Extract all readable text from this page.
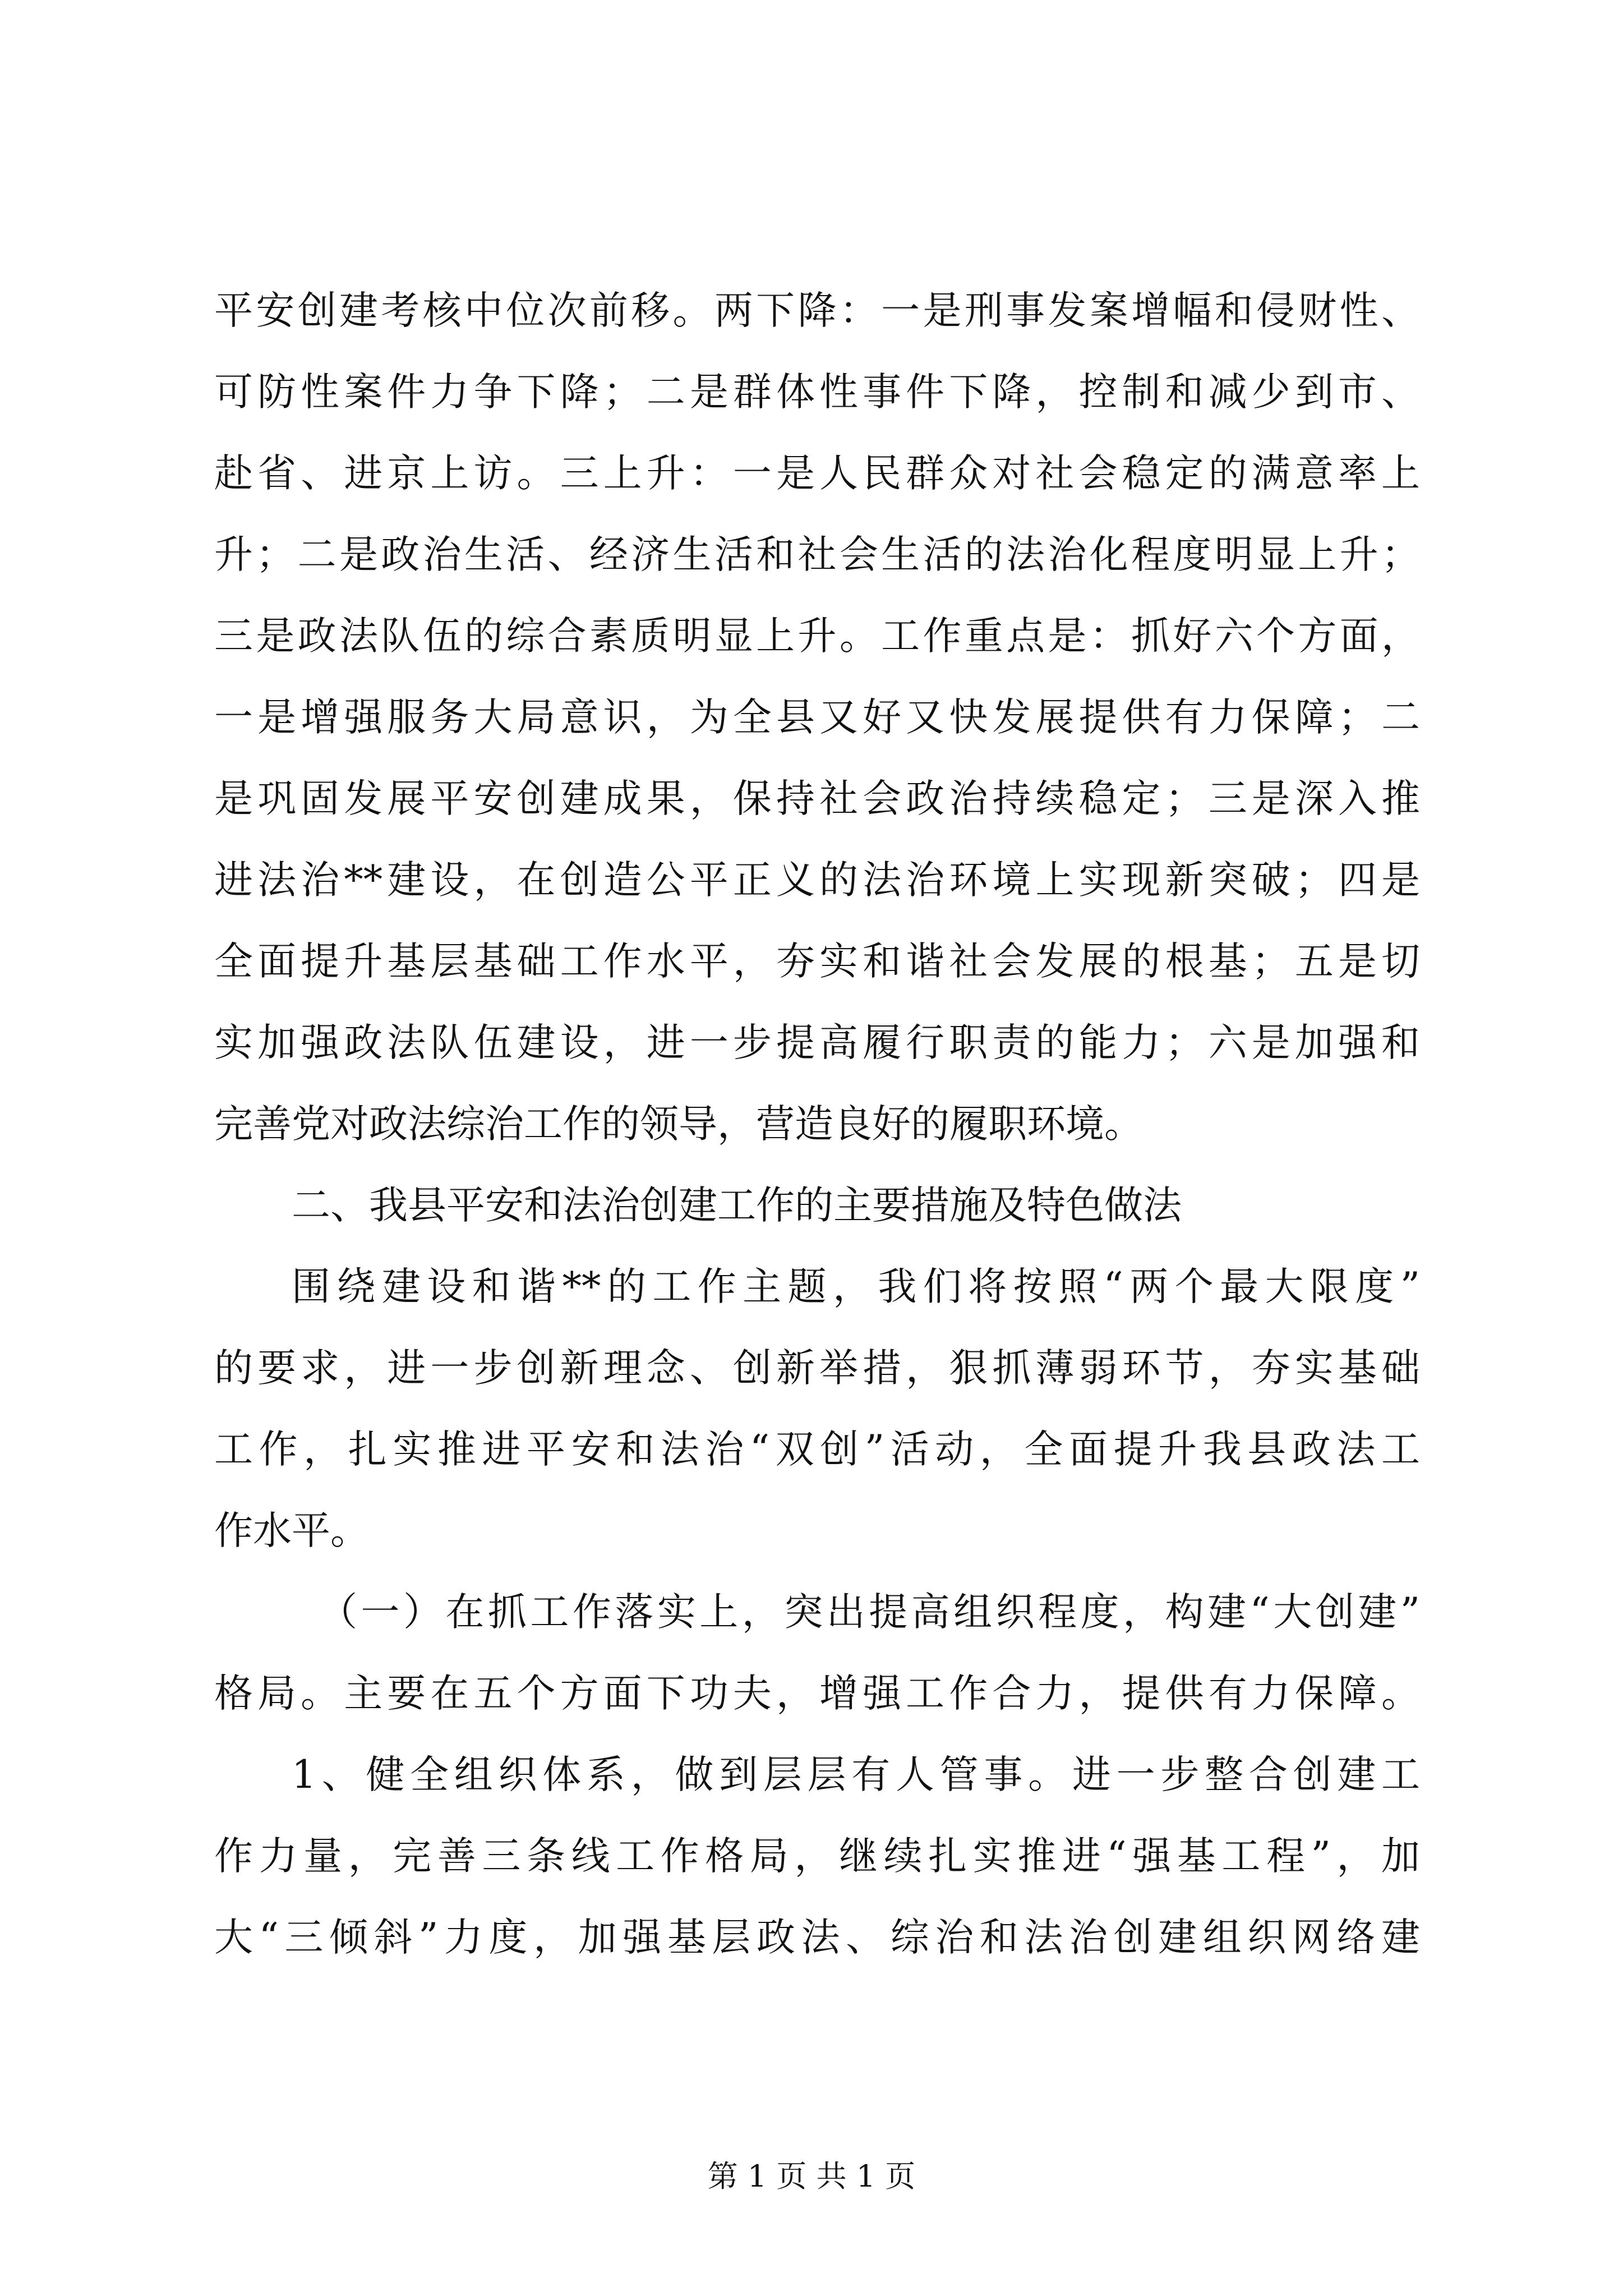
平安创建考核中位次前移。两下降：一是刑事发案增幅和侵财性、
可防性案件力争下降；二是群体性事件下降，控制和减少到市、
赴省、进京上访。三上升：一是人民群众对社会稳定的满意率上
升；二是政治生活、经济生活和社会生活的法治化程度明显上升；
三是政法队伍的综合素质明显上升。工作重点是：抓好六个方面，
一是增强服务大局意识，为全县又好又快发展提供有力保障；二
是巩固发展平安创建成果，保持社会政治持续稳定；三是深入推
进法治**建设，在创造公平正义的法治环境上实现新突破；四是
全面提升基层基础工作水平，夯实和谐社会发展的根基；五是切
实加强政法队伍建设，进一步提高履行职责的能力；六是加强和
完善党对政法综治工作的领导，营造良好的履职环境。
二、我县平安和法治创建工作的主要措施及特色做法
围绕建设和谐**的工作主题，我们将按照“两个最大限度”
的要求，进一步创新理念、创新举措，狠抓薄弱环节，夯实基础
工作，扎实推进平安和法治“双创”活动，全面提升我县政法工
作水平。
（一）在抓工作落实上，突出提高组织程度，构建“大创建”
格局。主要在五个方面下功夫，增强工作合力，提供有力保障。
1、健全组织体系，做到层层有人管事。进一步整合创建工
作力量，完善三条线工作格局，继续扎实推进“强基工程”，加
大“三倾斜”力度，加强基层政法、综治和法治创建组织网络建
第 1 页 共 1 页
